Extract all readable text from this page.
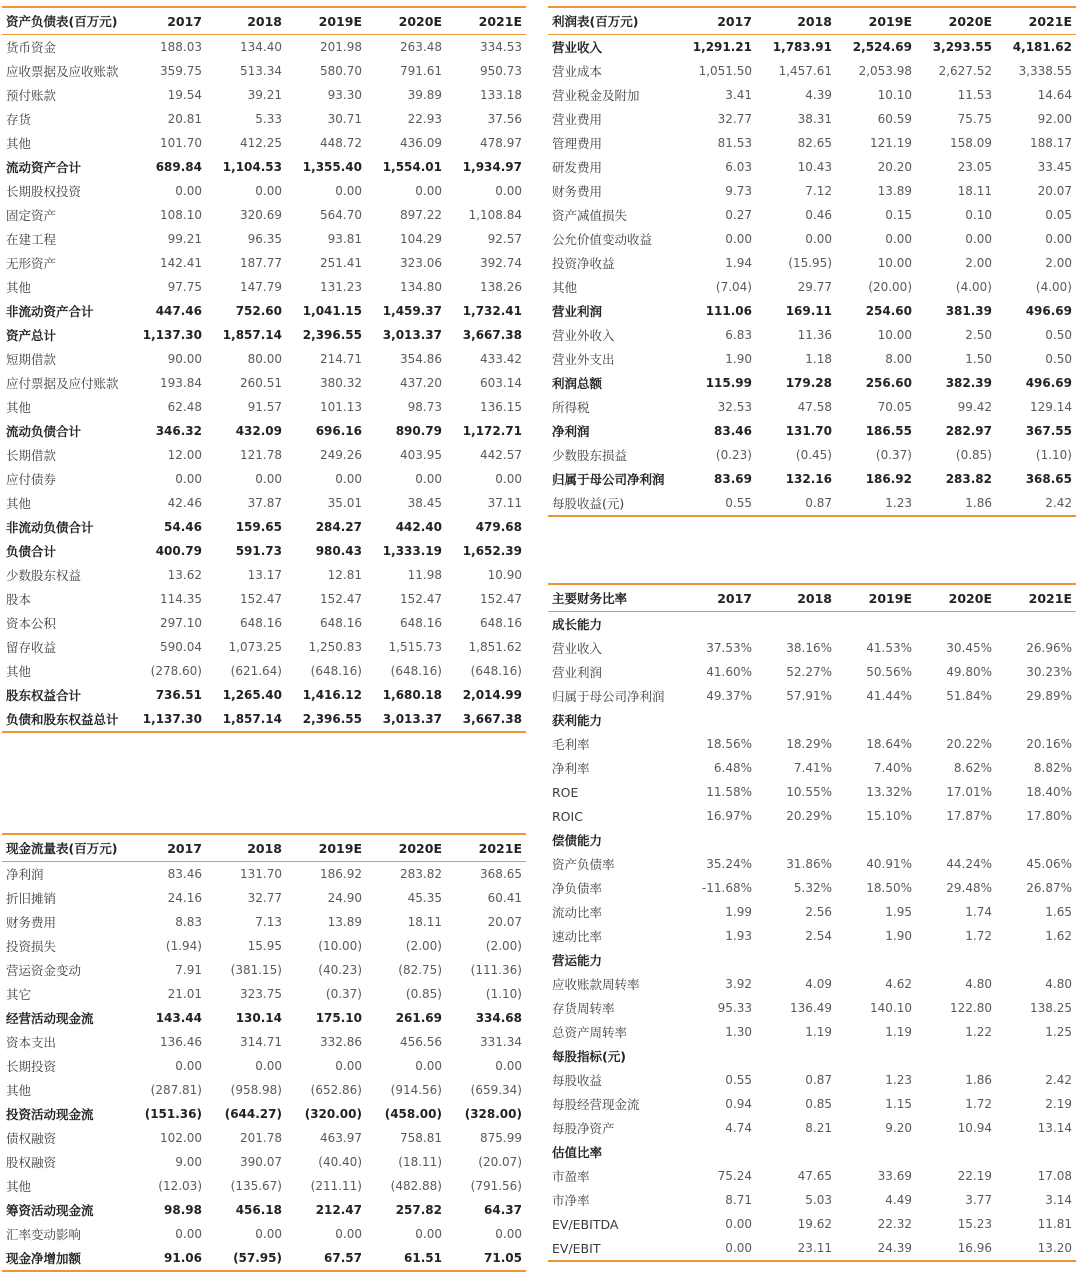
资产负债表(百万元)	2017	2018	2019E	2020E	2021E
货币资金	188.03	134.40	201.98	263.48	334.53
应收票据及应收账款	359.75	513.34	580.70	791.61	950.73
预付账款	19.54	39.21	93.30	39.89	133.18
存货	20.81	5.33	30.71	22.93	37.56
其他	101.70	412.25	448.72	436.09	478.97
流动资产合计	689.84	1,104.53	1,355.40	1,554.01	1,934.97
长期股权投资	0.00	0.00	0.00	0.00	0.00
固定资产	108.10	320.69	564.70	897.22	1,108.84
在建工程	99.21	96.35	93.81	104.29	92.57
无形资产	142.41	187.77	251.41	323.06	392.74
其他	97.75	147.79	131.23	134.80	138.26
非流动资产合计	447.46	752.60	1,041.15	1,459.37	1,732.41
资产总计	1,137.30	1,857.14	2,396.55	3,013.37	3,667.38
短期借款	90.00	80.00	214.71	354.86	433.42
应付票据及应付账款	193.84	260.51	380.32	437.20	603.14
其他	62.48	91.57	101.13	98.73	136.15
流动负债合计	346.32	432.09	696.16	890.79	1,172.71
长期借款	12.00	121.78	249.26	403.95	442.57
应付债券	0.00	0.00	0.00	0.00	0.00
其他	42.46	37.87	35.01	38.45	37.11
非流动负债合计	54.46	159.65	284.27	442.40	479.68
负债合计	400.79	591.73	980.43	1,333.19	1,652.39
少数股东权益	13.62	13.17	12.81	11.98	10.90
股本	114.35	152.47	152.47	152.47	152.47
资本公积	297.10	648.16	648.16	648.16	648.16
留存收益	590.04	1,073.25	1,250.83	1,515.73	1,851.62
其他	(278.60)	(621.64)	(648.16)	(648.16)	(648.16)
股东权益合计	736.51	1,265.40	1,416.12	1,680.18	2,014.99
负债和股东权益总计	1,137.30	1,857.14	2,396.55	3,013.37	3,667.38
利润表(百万元)	2017	2018	2019E	2020E	2021E
营业收入	1,291.21	1,783.91	2,524.69	3,293.55	4,181.62
营业成本	1,051.50	1,457.61	2,053.98	2,627.52	3,338.55
营业税金及附加	3.41	4.39	10.10	11.53	14.64
营业费用	32.77	38.31	60.59	75.75	92.00
管理费用	81.53	82.65	121.19	158.09	188.17
研发费用	6.03	10.43	20.20	23.05	33.45
财务费用	9.73	7.12	13.89	18.11	20.07
资产减值损失	0.27	0.46	0.15	0.10	0.05
公允价值变动收益	0.00	0.00	0.00	0.00	0.00
投资净收益	1.94	(15.95)	10.00	2.00	2.00
其他	(7.04)	29.77	(20.00)	(4.00)	(4.00)
营业利润	111.06	169.11	254.60	381.39	496.69
营业外收入	6.83	11.36	10.00	2.50	0.50
营业外支出	1.90	1.18	8.00	1.50	0.50
利润总额	115.99	179.28	256.60	382.39	496.69
所得税	32.53	47.58	70.05	99.42	129.14
净利润	83.46	131.70	186.55	282.97	367.55
少数股东损益	(0.23)	(0.45)	(0.37)	(0.85)	(1.10)
归属于母公司净利润	83.69	132.16	186.92	283.82	368.65
每股收益(元)	0.55	0.87	1.23	1.86	2.42
现金流量表(百万元)	2017	2018	2019E	2020E	2021E
净利润	83.46	131.70	186.92	283.82	368.65
折旧摊销	24.16	32.77	24.90	45.35	60.41
财务费用	8.83	7.13	13.89	18.11	20.07
投资损失	(1.94)	15.95	(10.00)	(2.00)	(2.00)
营运资金变动	7.91	(381.15)	(40.23)	(82.75)	(111.36)
其它	21.01	323.75	(0.37)	(0.85)	(1.10)
经营活动现金流	143.44	130.14	175.10	261.69	334.68
资本支出	136.46	314.71	332.86	456.56	331.34
长期投资	0.00	0.00	0.00	0.00	0.00
其他	(287.81)	(958.98)	(652.86)	(914.56)	(659.34)
投资活动现金流	(151.36)	(644.27)	(320.00)	(458.00)	(328.00)
债权融资	102.00	201.78	463.97	758.81	875.99
股权融资	9.00	390.07	(40.40)	(18.11)	(20.07)
其他	(12.03)	(135.67)	(211.11)	(482.88)	(791.56)
筹资活动现金流	98.98	456.18	212.47	257.82	64.37
汇率变动影响	0.00	0.00	0.00	0.00	0.00
现金净增加额	91.06	(57.95)	67.57	61.51	71.05
主要财务比率	2017	2018	2019E	2020E	2021E
成长能力					
营业收入	37.53%	38.16%	41.53%	30.45%	26.96%
营业利润	41.60%	52.27%	50.56%	49.80%	30.23%
归属于母公司净利润	49.37%	57.91%	41.44%	51.84%	29.89%
获利能力					
毛利率	18.56%	18.29%	18.64%	20.22%	20.16%
净利率	6.48%	7.41%	7.40%	8.62%	8.82%
ROE	11.58%	10.55%	13.32%	17.01%	18.40%
ROIC	16.97%	20.29%	15.10%	17.87%	17.80%
偿债能力					
资产负债率	35.24%	31.86%	40.91%	44.24%	45.06%
净负债率	-11.68%	5.32%	18.50%	29.48%	26.87%
流动比率	1.99	2.56	1.95	1.74	1.65
速动比率	1.93	2.54	1.90	1.72	1.62
营运能力					
应收账款周转率	3.92	4.09	4.62	4.80	4.80
存货周转率	95.33	136.49	140.10	122.80	138.25
总资产周转率	1.30	1.19	1.19	1.22	1.25
每股指标(元)					
每股收益	0.55	0.87	1.23	1.86	2.42
每股经营现金流	0.94	0.85	1.15	1.72	2.19
每股净资产	4.74	8.21	9.20	10.94	13.14
估值比率					
市盈率	75.24	47.65	33.69	22.19	17.08
市净率	8.71	5.03	4.49	3.77	3.14
EV/EBITDA	0.00	19.62	22.32	15.23	11.81
EV/EBIT	0.00	23.11	24.39	16.96	13.20
